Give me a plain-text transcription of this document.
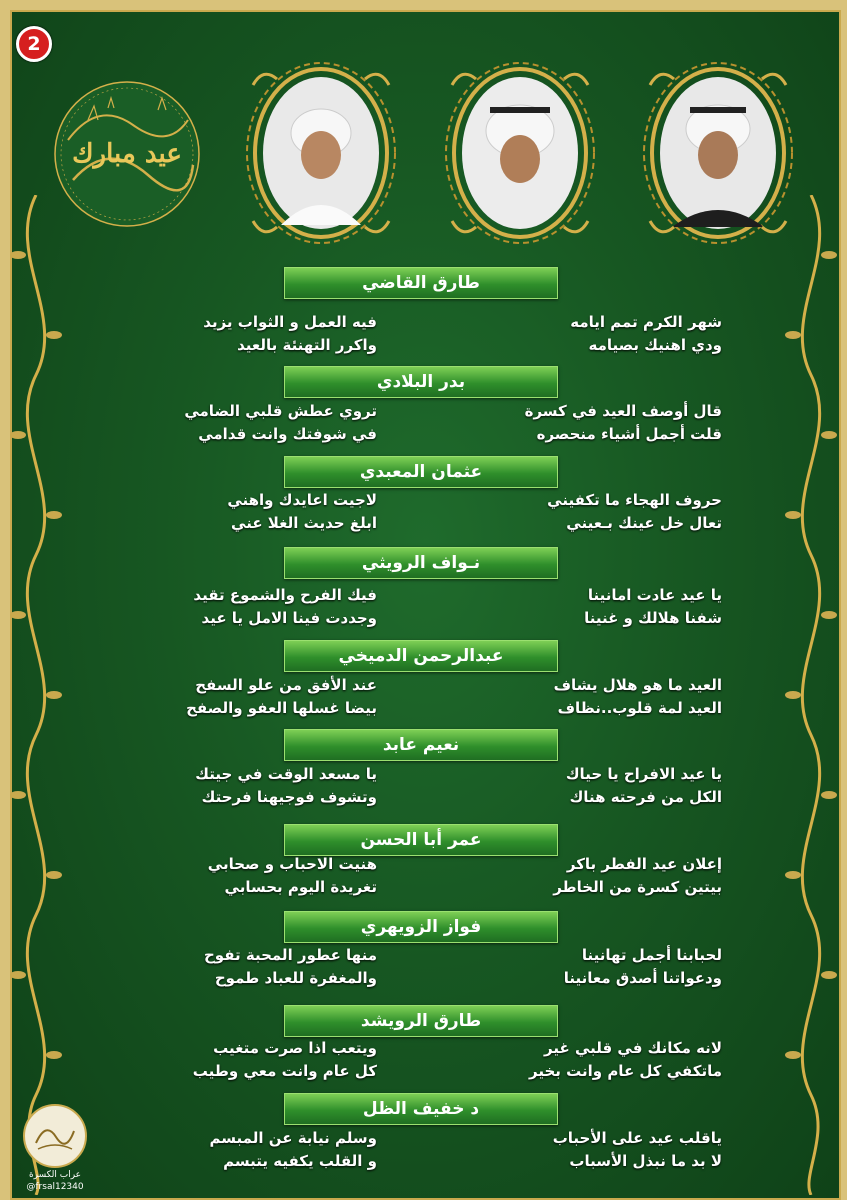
2
عيد مبارك
طارق القاضي
شهر الكرم تمم ايامه
ودي اهنيك بصيامه
فيه العمل و الثواب يزيد
واكرر التهنئة بالعيد
بدر البلادي
قال أوصف العيد في كسرة
قلت أجمل أشياء منحصره
تروي عطش قلبي الضامي
في شوفتك وانت قدامي
عثمان المعبدي
حروف الهجاء ما تكفيني
تعال خل عينك بـعيني
لاجيت اعايدك واهني
ابلغ حديث الغلا عني
نـواف الرويثي
يا عيد عادت امانينا
شفنا هلالك و غنينا
فيك الفرح والشموع تقيد
وجددت فينا الامل يا عيد
عبدالرحمن الدميخي
العيد ما هو هلال يشاف
العيد لمة قلوب..نظاف
عند الأفق من علو السفح
بيضا غسلها العفو والصفح
نعيم عابد
يا عيد الافراح يا حياك
الكل من فرحته هناك
يا مسعد الوقت في جيتك
وتشوف فوجيهنا فرحتك
عمر أبا الحسن
إعلان عيد الفطر باكر
بيتين كسرة من الخاطر
هنيت الاحباب و صحابي
تغريدة اليوم بحسابي
فواز الزويهري
لحبابنا أجمل تهانينا
ودعواتنا أصدق معانينا
منها عطور المحبة تفوح
والمغفرة للعباد طموح
طارق الرويشد
لانه مكانك في قلبي غير
ماتكفي كل عام وانت بخير
ويتعب اذا صرت متغيب
كل عام وانت معي وطيب
د خفيف الظل
ياقلب عيد على الأحباب
لا بد ما نبذل الأسباب
وسلم نيابة عن المبسم
و القلب يكفيه يتبسم
عراب الكسرة
@frsal12340
